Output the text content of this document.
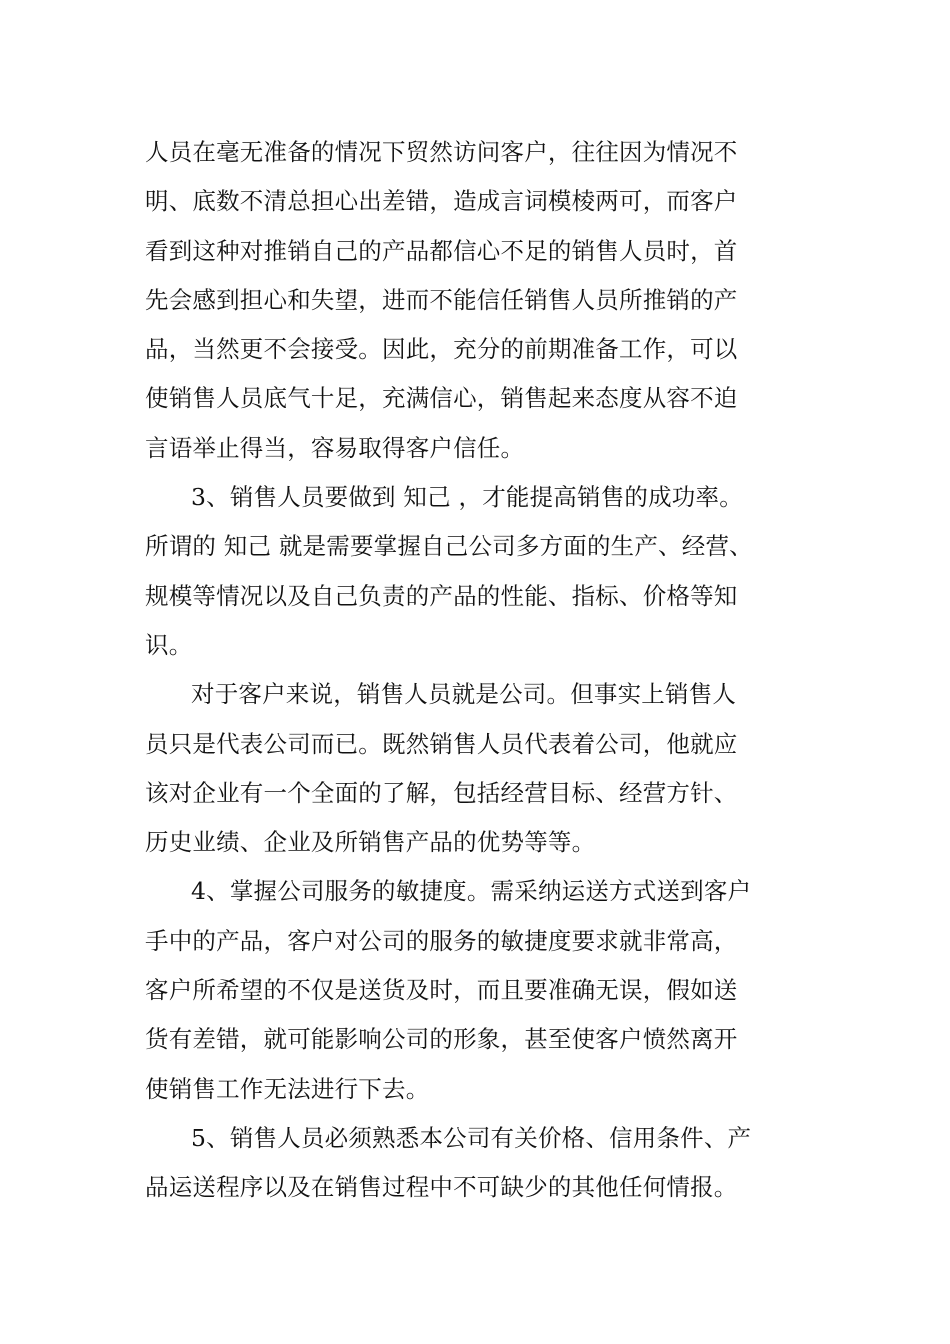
人员在毫无准备的情况下贸然访问客户，往往因为情况不
明、底数不清总担心出差错，造成言词模棱两可，而客户
看到这种对推销自己的产品都信心不足的销售人员时，首
先会感到担心和失望，进而不能信任销售人员所推销的产
品，当然更不会接受。因此，充分的前期准备工作，可以
使销售人员底气十足，充满信心，销售起来态度从容不迫
言语举止得当，容易取得客户信任。
3、销售人员要做到 知己 ，才能提高销售的成功率。
所谓的 知己 就是需要掌握自己公司多方面的生产、经营、
规模等情况以及自己负责的产品的性能、指标、价格等知
识。
对于客户来说，销售人员就是公司。但事实上销售人
员只是代表公司而已。既然销售人员代表着公司，他就应
该对企业有一个全面的了解，包括经营目标、经营方针、
历史业绩、企业及所销售产品的优势等等。
4、掌握公司服务的敏捷度。需采纳运送方式送到客户
手中的产品，客户对公司的服务的敏捷度要求就非常高，
客户所希望的不仅是送货及时，而且要准确无误，假如送
货有差错，就可能影响公司的形象，甚至使客户愤然离开
使销售工作无法进行下去。
5、销售人员必须熟悉本公司有关价格、信用条件、产
品运送程序以及在销售过程中不可缺少的其他任何情报。
